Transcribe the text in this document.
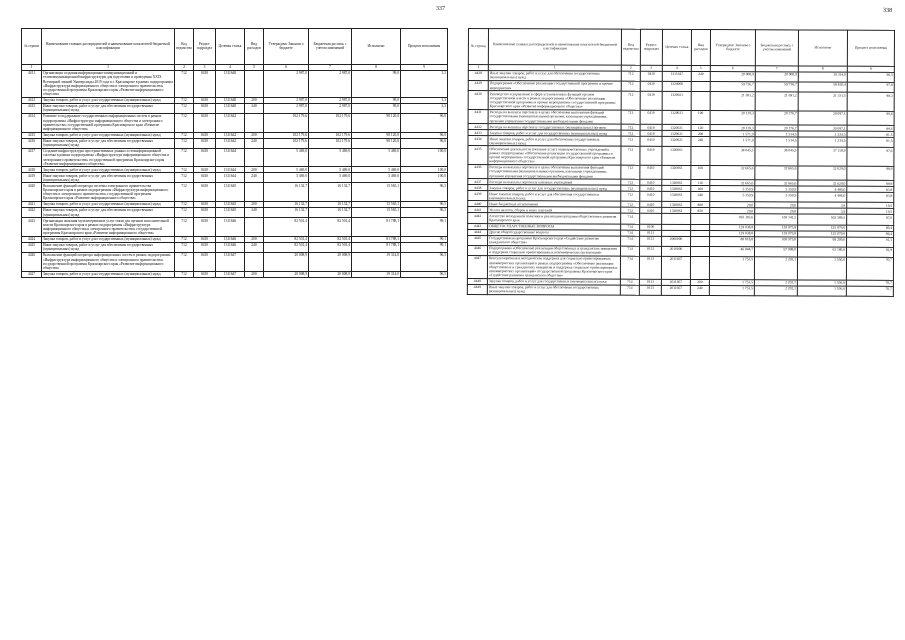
337
№ строки	Наименование главных распорядителей и наименование показателей бюджетной классификации	Код ведомства	Раздел-подраздел	Целевая статья	Вид расходов	Утверждено Законом о бюджете	Бюджетная роспись с учетом изменений	Исполнено	Процент исполнения
1	1	2	3	4	5	6	7	8	9
4411	Организация создания информационно-коммуникационной и телекоммуникационной инфраструктуры для подготовки и проведения XXIX Всемирной зимней Универсиады 2019 года в г. Красноярске в рамках подпрограммы «Инфраструктура информационного общества и электронного правительства» государственной программы Красноярского края «Развитие информационного общества»	712	0410	1311640		2 987,0	2 987,0	99,0	3,3
4412	Закупка товаров, работ и услуг для государственных (муниципальных) нужд	712	0410	1311640	200	2 987,0	2 987,0	99,0	3,3
4413	Иные закупки товаров, работ и услуг для обеспечения государственных (муниципальных) нужд	712	0410	1311640	240	2 987,0	2 987,0	99,0	3,3
4414	Развитие и поддержание государственных информационных систем в рамках подпрограммы «Инфраструктура информационного общества и электронного правительства» государственной программы Красноярского края «Развитие информационного общества»	712	0410	1311642		102 179,6	102 179,6	98 120,0	96,0
4415	Закупка товаров, работ и услуг для государственных (муниципальных) нужд	712	0410	1311642	200	102 179,6	102 179,6	98 120,0	96,0
4416	Иные закупки товаров, работ и услуг для обеспечения государственных (муниципальных) нужд	712	0410	1311642	240	102 179,6	102 179,6	98 120,0	96,0
4417	Создание инфраструктуры пространственных данных и геоинформационной системы в рамках подпрограммы «Инфраструктура информационного общества и электронного правительства» государственной программы Красноярского края «Развитие информационного общества»	712	0410	1311644		5 469,0	5 469,0	5 469,0	100,0
4418	Закупка товаров, работ и услуг для государственных (муниципальных) нужд	712	0410	1311644	200	5 469,0	5 469,0	5 469,0	100,0
4419	Иные закупки товаров, работ и услуг для обеспечения государственных (муниципальных) нужд	712	0410	1311644	240	5 469,0	5 469,0	5 469,0	100,0
4420	Выполнение функций оператора системы электронного правительства Красноярского края в рамках подпрограммы «Инфраструктура информационного общества и электронного правительства» государственной программы Красноярского края «Развитие информационного общества»	712	0410	1311645		16 132,7	16 132,7	15 565,1	96,5
4421	Закупка товаров, работ и услуг для государственных (муниципальных) нужд	712	0410	1311645	200	16 132,7	16 132,7	15 565,1	96,5
4422	Иные закупки товаров, работ и услуг для обеспечения государственных (муниципальных) нужд	712	0410	1311645	240	16 132,7	16 132,7	15 565,1	96,5
4423	Организация оказания мультисервисных услуг связи для органов исполнительной власти Красноярского края в рамках подпрограммы «Инфраструктура информационного общества и электронного правительства» государственной программы Красноярского края «Развитие информационного общества»	712	0410	1311646		82 501,4	82 501,4	81 788,1	99,1
4424	Закупка товаров, работ и услуг для государственных (муниципальных) нужд	712	0410	1311646	200	82 501,4	82 501,4	81 788,1	99,1
4425	Иные закупки товаров, работ и услуг для обеспечения государственных (муниципальных) нужд	712	0410	1311646	240	82 501,4	82 501,4	81 788,1	99,1
4426	Выполнение функций оператора информационных систем в рамках подпрограммы «Инфраструктура информационного общества и электронного правительства» государственной программы Красноярского края «Развитие информационного общества»	712	0410	1311647		20 008,9	20 008,9	19 314,0	96,5
4427	Закупка товаров, работ и услуг для государственных (муниципальных) нужд	712	0410	1311647	200	20 008,9	20 008,9	19 314,0	96,5
338
№ строки	Наименование главных распорядителей и наименование показателей бюджетной классификации	Код ведомства	Раздел-подраздел	Целевая статья	Вид расходов	Утверждено Законом о бюджете	Бюджетная роспись с учетом изменений	Исполнено	Процент исполнения
1	1	2	3	4	5	6	7	8	9
4428	Иные закупки товаров, работ и услуг для обеспечения государственных (муниципальных) нужд	712	0410	1311647	240	20 008,9	20 008,9	19 314,0	96,5
4429	Подпрограмма «Обеспечение реализации государственной программы и прочие мероприятия»	712	0410	1320000		59 736,7	59 736,7	58 450,4	97,8
4430	Руководство и управление в сфере установленных функций органов государственной власти в рамках подпрограммы «Обеспечение реализации государственной программы и прочие мероприятия» государственной программы Красноярского края «Развитие информационного общества»	712	0410	1320021		21 691,2	21 691,2	21 331,5	98,3
4431	Расходы на выплаты персоналу в целях обеспечения выполнения функций государственными (муниципальными) органами, казенными учреждениями, органами управления государственными внебюджетными фондами	712	0410	1320021	100	20 119,3	20 176,7	20 097,1	99,6
4432	Расходы на выплаты персоналу государственных (муниципальных) органов	712	0410	1320021	120	20 119,3	20 176,7	20 097,1	99,6
4433	Закупка товаров, работ и услуг для государственных (муниципальных) нужд	712	0410	1320021	200	1 571,9	1 514,5	1 234,5	81,5
4434	Иные закупки товаров, работ и услуг для обеспечения государственных (муниципальных) нужд	712	0410	1320021	240	1 571,9	1 514,5	1 234,5	81,5
4435	Обеспечение деятельности (оказание услуг) подведомственных учреждений в рамках подпрограммы «Обеспечение реализации государственной программы и прочие мероприятия» государственной программы Красноярского края «Развитие информационного общества»	712	0410	1320061		38 045,5	38 045,5	37 118,9	97,6
4436	Расходы на выплаты персоналу в целях обеспечения выполнения функций государственными (муниципальными) органами, казенными учреждениями, органами управления государственными внебюджетными фондами	712	0410	1320061	100	32 665,6	32 665,6	32 629,0	99,9
4437	Расходы на выплаты персоналу казенных учреждений	712	0410	1320061	110	32 665,6	32 665,6	32 629,0	99,9
4438	Закупка товаров, работ и услуг для государственных (муниципальных) нужд	712	0410	1320061	200	5 359,9	5 359,9	4 486,0	83,8
4439	Иные закупки товаров, работ и услуг для обеспечения государственных (муниципальных) нужд	712	0410	1320061	240	5 359,9	5 359,9	4 486,0	83,8
4440	Иные бюджетные ассигнования	712	0410	1320061	800	20,0	20,0	3,9	19,5
4441	Уплата налогов, сборов и иных платежей	712	0410	1320061	850	20,0	20,0	3,9	19,5
4442	Агентство молодежной политики и реализации программ общественного развития Красноярского края	714				493 303,6	518 141,5	502 589,5	97,0
4443	ОБЩЕГОСУДАРСТВЕННЫЕ ВОПРОСЫ	714	0100			129 038,8	139 975,8	125 079,6	89,4
4444	Другие общегосударственные вопросы	714	0113			129 038,8	139 975,8	125 079,6	89,4
4445	Государственная программа Красноярского края «Содействие развитию гражданского общества»	714	0113	2000000		88 018,8	108 975,8	99 299,6	91,1
4446	Подпрограмма «Обеспечение реализации общественных и гражданских инициатив и поддержка социально ориентированных некоммерческих организаций»	714	0113	2010000		46 044,7	67 998,8	63 180,6	92,9
4447	Консультационная и методическая поддержка для социально ориентированных некоммерческих организаций в рамках подпрограммы «Обеспечение реализации общественных и гражданских инициатив и поддержка социально ориентированных некоммерческих организаций» государственной программы Красноярского края «Содействие развитию гражданского общества»	714	0113	2011667		1 753,5	2 202,1	1 556,6	70,7
4448	Закупка товаров, работ и услуг для государственных (муниципальных) нужд	714	0113	2011667	200	1 753,5	2 202,1	1 556,6	70,7
4449	Иные закупки товаров, работ и услуг для обеспечения государственных (муниципальных) нужд	714	0113	2011667	240	1 753,5	2 202,1	1 556,6	70,7
